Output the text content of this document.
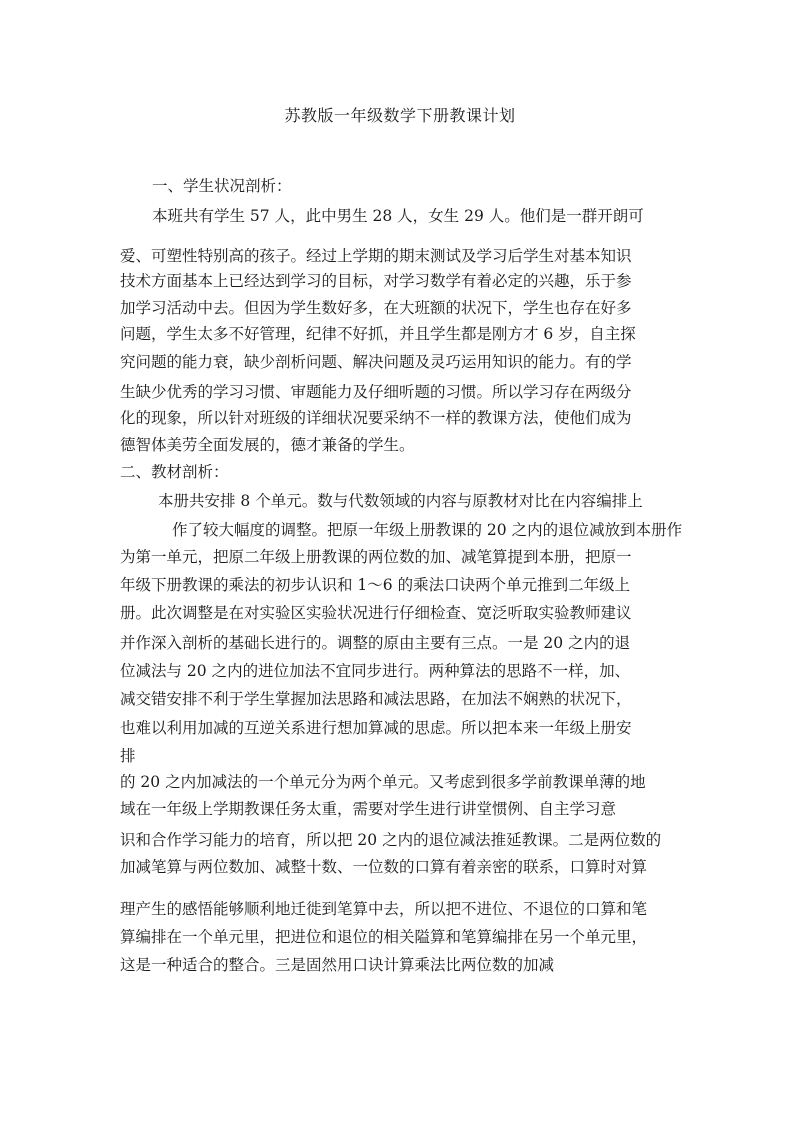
苏教版一年级数学下册教课计划
一、学生状况剖析：
本班共有学生 57 人，此中男生 28 人，女生 29 人。他们是一群开朗可
爱、可塑性特别高的孩子。经过上学期的期末测试及学习后学生对基本知识
技术方面基本上已经达到学习的目标，对学习数学有着必定的兴趣，乐于参
加学习活动中去。但因为学生数好多，在大班额的状况下，学生也存在好多
问题，学生太多不好管理，纪律不好抓，并且学生都是刚方才 6 岁，自主探
究问题的能力衰，缺少剖析问题、解决问题及灵巧运用知识的能力。有的学
生缺少优秀的学习习惯、审题能力及仔细听题的习惯。所以学习存在两级分
化的现象，所以针对班级的详细状况要采纳不一样的教课方法，使他们成为
德智体美劳全面发展的，德才兼备的学生。
二、教材剖析：
本册共安排 8 个单元。数与代数领域的内容与原教材对比在内容编排上
作了较大幅度的调整。把原一年级上册教课的 20 之内的退位减放到本册作
为第一单元，把原二年级上册教课的两位数的加、减笔算提到本册，把原一
年级下册教课的乘法的初步认识和 1～6 的乘法口诀两个单元推到二年级上
册。此次调整是在对实验区实验状况进行仔细检查、宽泛听取实验教师建议
并作深入剖析的基础长进行的。调整的原由主要有三点。一是 20 之内的退
位减法与 20 之内的进位加法不宜同步进行。两种算法的思路不一样，加、
减交错安排不利于学生掌握加法思路和减法思路，在加法不娴熟的状况下，
也难以利用加减的互逆关系进行想加算减的思虑。所以把本来一年级上册安
排
的 20 之内加减法的一个单元分为两个单元。又考虑到很多学前教课单薄的地
域在一年级上学期教课任务太重，需要对学生进行讲堂惯例、自主学习意
识和合作学习能力的培育，所以把 20 之内的退位减法推延教课。二是两位数的
加减笔算与两位数加、减整十数、一位数的口算有着亲密的联系，口算时对算
理产生的感悟能够顺利地迁徙到笔算中去，所以把不进位、不退位的口算和笔
算编排在一个单元里，把进位和退位的相关隘算和笔算编排在另一个单元里，
这是一种适合的整合。三是固然用口诀计算乘法比两位数的加减
